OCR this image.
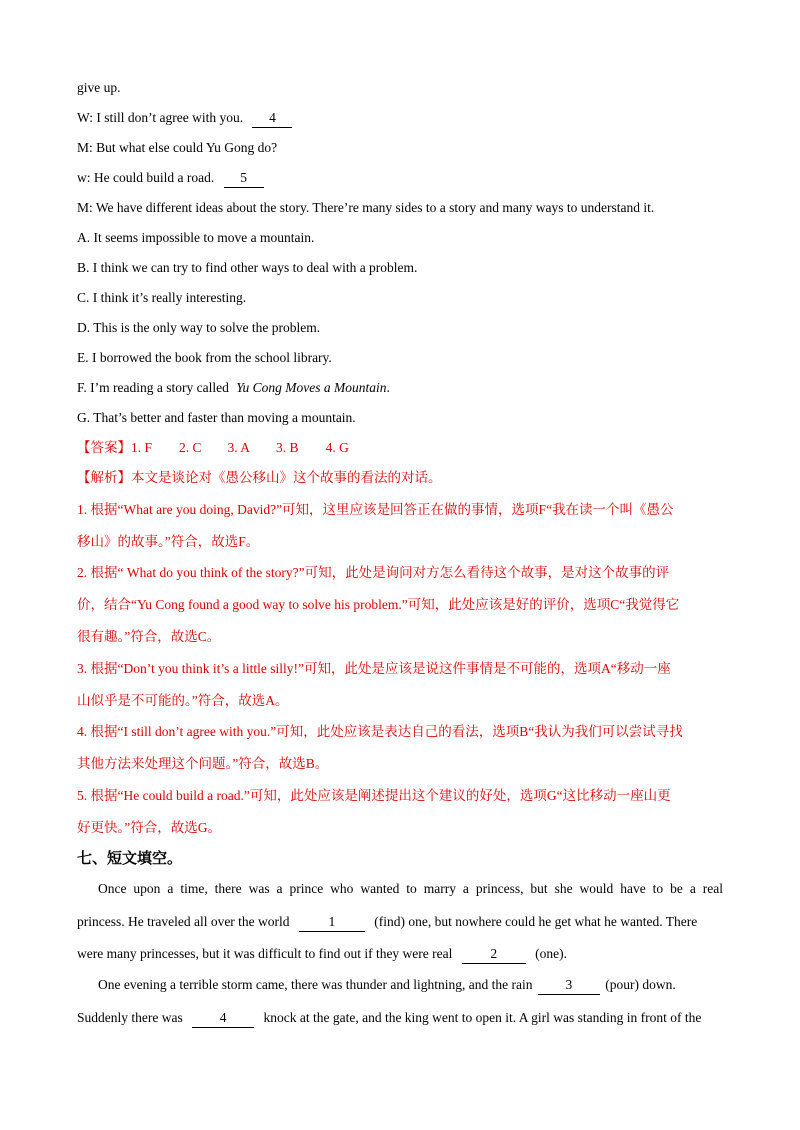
give up.
W: I still don’t agree with you. 4
M: But what else could Yu Gong do?
w: He could build a road. 5
M: We have different ideas about the story. There’re many sides to a story and many ways to understand it.
A. It seems impossible to move a mountain.
B. I think we can try to find other ways to deal with a problem.
C. I think it’s really interesting.
D. This is the only way to solve the problem.
E. I borrowed the book from the school library.
F. I’m reading a story called Yu Cong Moves a Mountain.
G. That’s better and faster than moving a mountain.
【答案】1. F 2. C 3. A 3. B 4. G
【解析】本文是谈论对《愚公移山》这个故事的看法的对话。
1. 根据“What are you doing, David?”可知，这里应该是回答正在做的事情，选项F“我在读一个叫《愚公
移山》的故事。”符合，故选F。
2. 根据“ What do you think of the story?”可知，此处是询问对方怎么看待这个故事，是对这个故事的评
价，结合“Yu Cong found a good way to solve his problem.”可知，此处应该是好的评价，选项C“我觉得它
很有趣。”符合，故选C。
3. 根据“Don’t you think it’s a little silly!”可知，此处是应该是说这件事情是不可能的，选项A“移动一座
山似乎是不可能的。”符合，故选A。
4. 根据“I still don’t agree with you.”可知，此处应该是表达自己的看法，选项B“我认为我们可以尝试寻找
其他方法来处理这个问题。”符合，故选B。
5. 根据“He could build a road.”可知，此处应该是阐述提出这个建议的好处，选项G“这比移动一座山更
好更快。”符合，故选G。
七、短文填空。
Once upon a time, there was a prince who wanted to marry a princess, but she would have to be a real
princess. He traveled all over the world	1	(find) one, but nowhere could he get what he wanted. There
were many princesses, but it was difficult to find out if they were real	2	(one).
One evening a terrible storm came, there was thunder and lightning, and the rain 3 (pour) down.
Suddenly there was	4	knock at the gate, and the king went to open it. A girl was standing in front of the
